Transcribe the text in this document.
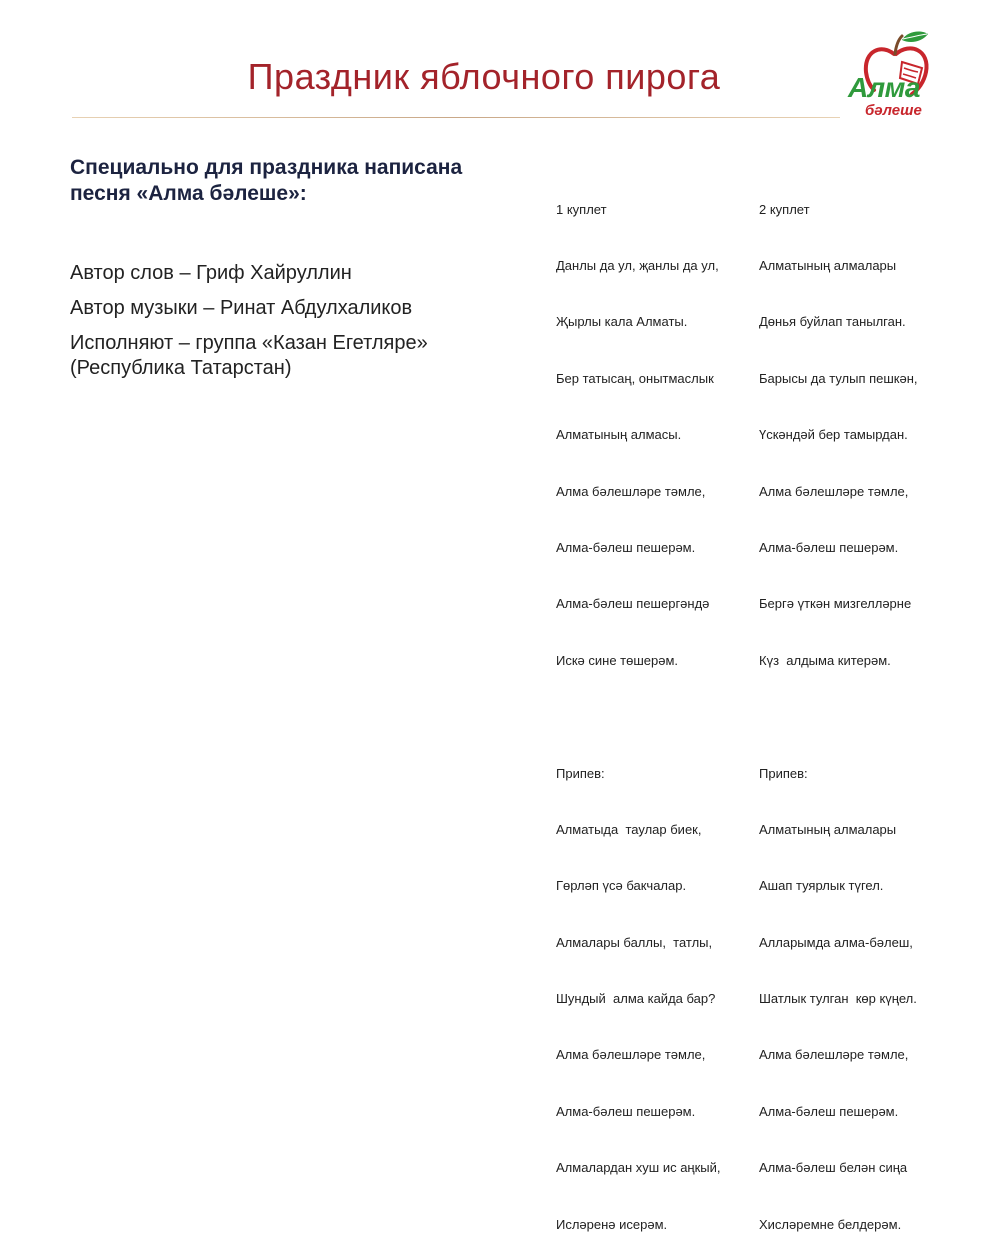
Праздник яблочного пирога	Алма
бәлеше
Специально для праздника написана песня «Алма бәлеше»:
Автор слов – Гриф Хайруллин
Автор музыки – Ринат Абдулхаликов
Исполняют – группа «Казан Егетляре» (Республика Татарстан)

1 куплет

Данлы да ул, җанлы да ул,

Җырлы кала Алматы.

Бер татысаң, онытмаслык

Алматының алмасы.

Алма бәлешләре тәмле,

Алма-бәлеш пешерәм.

Алма-бәлеш пешергәндә

Искә сине төшерәм.

Припев:

Алматыда  таулар биек,

Гөрләп үсә бакчалар.

Алмалары баллы,  татлы,

Шундый  алма кайда бар?

Алма бәлешләре тәмле,

Алма-бәлеш пешерәм.

Алмалардан хуш ис аңкый,

Исләренә исерәм.

2 куплет

Алматының алмалары

Дөнья буйлап танылган.

Барысы да тулып пешкән,

Үскәндәй бер тамырдан.

Алма бәлешләре тәмле,

Алма-бәлеш пешерәм.

Бергә үткән мизгелләрне

Күз  алдыма китерәм.

Припев:

Алматының алмалары

Ашап туярлык түгел.

Алларымда алма-бәлеш,

Шатлык тулган  көр күңел.

Алма бәлешләре тәмле,

Алма-бәлеш пешерәм.

Алма-бәлеш белән сиңа

Хисләремне белдерәм.
